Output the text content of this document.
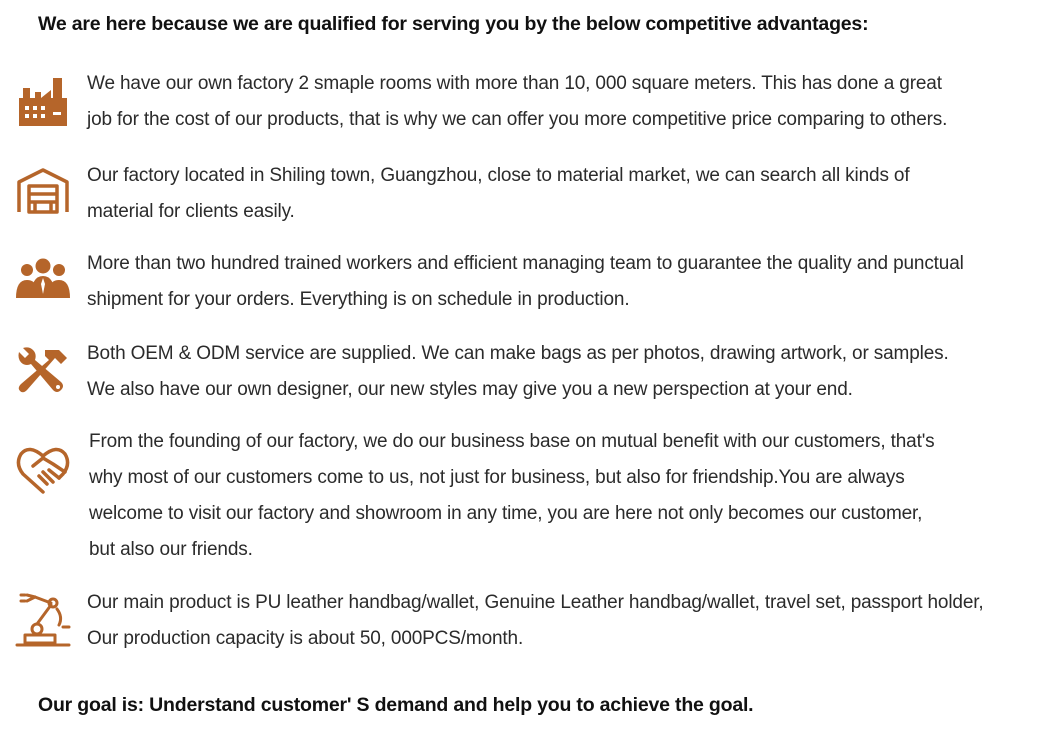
We are here because we are qualified for serving you by the below competitive advantages:
We have our own factory 2 smaple rooms with more than 10, 000 square meters. This has done a great
job for the cost of our products, that is why we can offer you more competitive price comparing to others.
Our factory located in Shiling town, Guangzhou, close to material market, we can search all kinds of
material for clients easily.
More than two hundred trained workers and efficient managing team to guarantee the quality and punctual
shipment for your orders. Everything is on schedule in production.
Both OEM & ODM service are supplied. We can make bags as per photos, drawing artwork, or samples.
We also have our own designer, our new styles may give you a new perspection at your end.
From the founding of our factory, we do our business base on mutual benefit with our customers, that's
why most of our customers come to us, not just for business, but also for friendship.You are always
welcome to visit our factory and showroom in any time, you are here not only becomes our customer,
but also our friends.
Our main product is PU leather handbag/wallet, Genuine Leather handbag/wallet, travel set, passport holder,
Our production capacity is about 50, 000PCS/month.
Our goal is: Understand customer' S demand and help you to achieve the goal.
